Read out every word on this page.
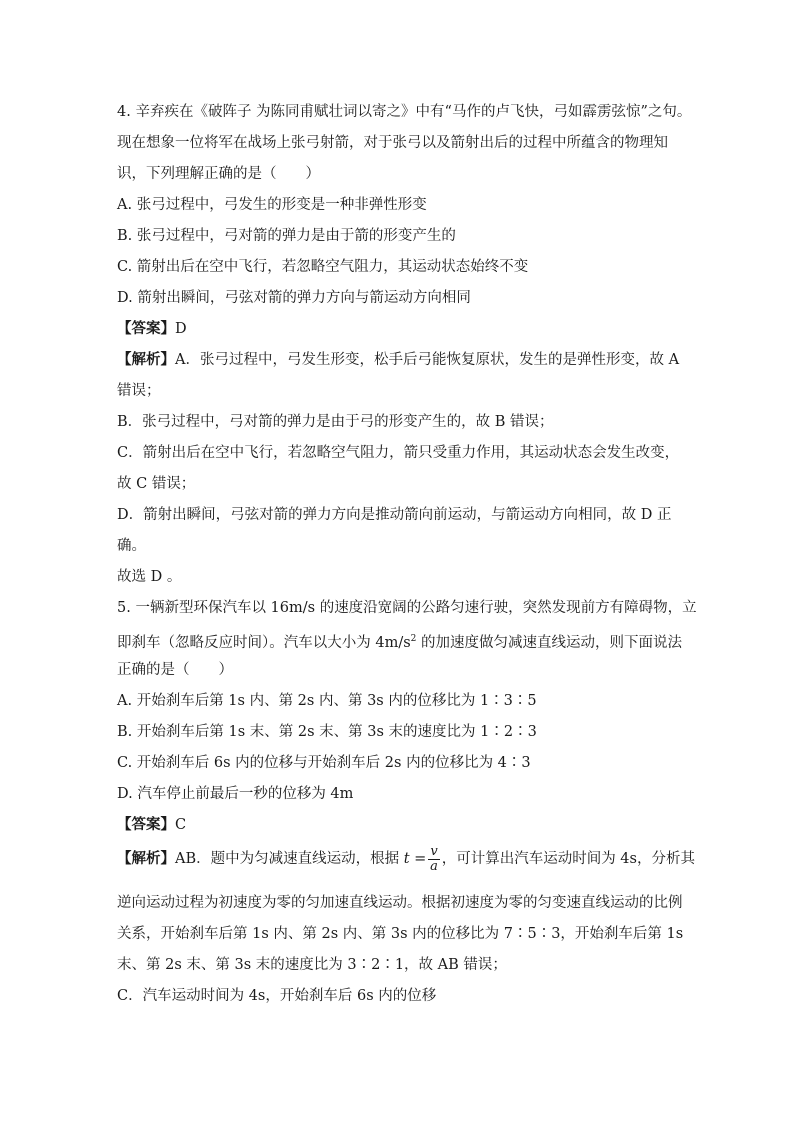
4. 辛弃疾在《破阵子 为陈同甫赋壮词以寄之》中有“马作的卢飞快，弓如霹雳弦惊”之句。
现在想象一位将军在战场上张弓射箭，对于张弓以及箭射出后的过程中所蕴含的物理知
识，下列理解正确的是（　　）
A. 张弓过程中，弓发生的形变是一种非弹性形变
B. 张弓过程中，弓对箭的弹力是由于箭的形变产生的
C. 箭射出后在空中飞行，若忽略空气阻力，其运动状态始终不变
D. 箭射出瞬间，弓弦对箭的弹力方向与箭运动方向相同
【答案】D
【解析】A．张弓过程中，弓发生形变，松手后弓能恢复原状，发生的是弹性形变，故 A
错误；
B．张弓过程中，弓对箭的弹力是由于弓的形变产生的，故 B 错误；
C．箭射出后在空中飞行，若忽略空气阻力，箭只受重力作用，其运动状态会发生改变，
故 C 错误；
D．箭射出瞬间，弓弦对箭的弹力方向是推动箭向前运动，与箭运动方向相同，故 D 正
确。
故选 D 。
5. 一辆新型环保汽车以 16m/s 的速度沿宽阔的公路匀速行驶，突然发现前方有障碍物，立
即刹车（忽略反应时间）。汽车以大小为 $4m/s^2$ 的加速度做匀减速直线运动，则下面说法
正确的是（　　）
A. 开始刹车后第 1s 内、第 2s 内、第 3s 内的位移比为 1∶3∶5
B. 开始刹车后第 1s 末、第 2s 末、第 3s 末的速度比为 1∶2∶3
C. 开始刹车后 6s 内的位移与开始刹车后 2s 内的位移比为 4∶3
D. 汽车停止前最后一秒的位移为 4m
【答案】C
【解析】AB．题中为匀减速直线运动，根据 $t = \frac{v}{a}$ ，可计算出汽车运动时间为 4s，分析其
逆向运动过程为初速度为零的匀加速直线运动。根据初速度为零的匀变速直线运动的比例
关系，开始刹车后第 1s 内、第 2s 内、第 3s 内的位移比为 7∶5∶3，开始刹车后第 1s
末、第 2s 末、第 3s 末的速度比为 3∶2∶1，故 AB 错误；
C．汽车运动时间为 4s，开始刹车后 6s 内的位移
